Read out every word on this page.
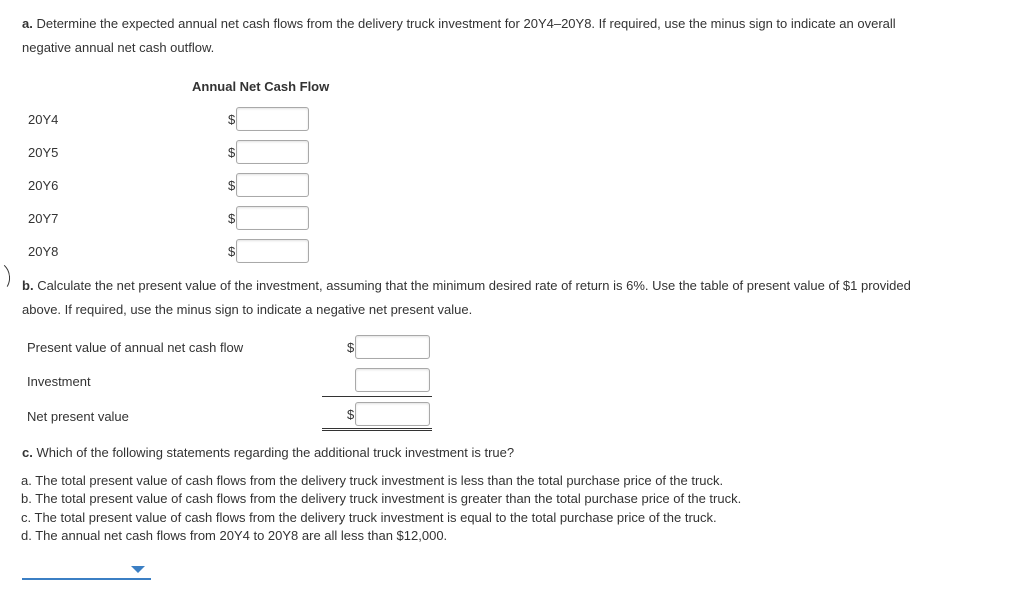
a. Determine the expected annual net cash flows from the delivery truck investment for 20Y4–20Y8. If required, use the minus sign to indicate an overall
negative annual net cash outflow.
Annual Net Cash Flow
20Y4	$
20Y5	$
20Y6	$
20Y7	$
20Y8	$
b. Calculate the net present value of the investment, assuming that the minimum desired rate of return is 6%. Use the table of present value of $1 provided
above. If required, use the minus sign to indicate a negative net present value.
Present value of annual net cash flow	$
Investment
Net present value	$
c. Which of the following statements regarding the additional truck investment is true?
a. The total present value of cash flows from the delivery truck investment is less than the total purchase price of the truck.
b. The total present value of cash flows from the delivery truck investment is greater than the total purchase price of the truck.
c. The total present value of cash flows from the delivery truck investment is equal to the total purchase price of the truck.
d. The annual net cash flows from 20Y4 to 20Y8 are all less than $12,000.
